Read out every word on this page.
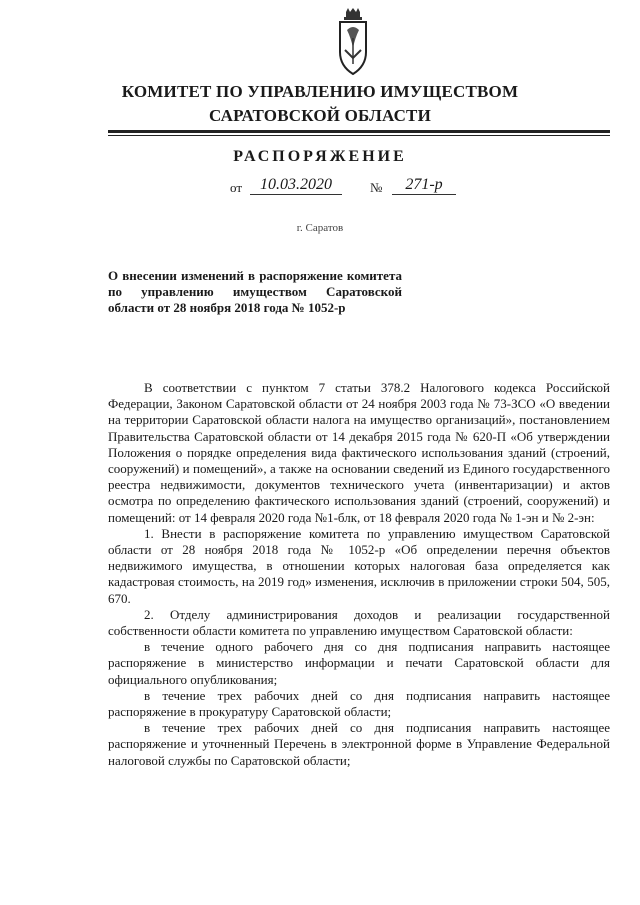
КОМИТЕТ ПО УПРАВЛЕНИЮ ИМУЩЕСТВОМ
САРАТОВСКОЙ ОБЛАСТИ
РАСПОРЯЖЕНИЕ
от	10.03.2020	№	271-р
г. Саратов
О внесении изменений в распоряжение комитета по управлению имуществом Саратовской области от 28 ноября 2018 года № 1052-р

В соответствии с пунктом 7 статьи 378.2 Налогового кодекса Российской Федерации, Законом Саратовской области от 24 ноября 2003 года № 73-ЗСО «О введении на территории Саратовской области налога на имущество организаций», постановлением Правительства Саратовской области от 14 декабря 2015 года № 620-П «Об утверждении Положения о порядке определения вида фактического использования зданий (строений, сооружений) и помещений», а также на основании сведений из Единого государственного реестра недвижимости, документов технического учета (инвентаризации) и актов осмотра по определению фактического использования зданий (строений, сооружений) и помещений: от 14 февраля 2020 года №1-блк, от 18 февраля 2020 года № 1-эн и № 2-эн:

1. Внести в распоряжение комитета по управлению имуществом Саратовской области от 28 ноября 2018 года № 1052-р «Об определении перечня объектов недвижимого имущества, в отношении которых налоговая база определяется как кадастровая стоимость, на 2019 год» изменения, исключив в приложении строки 504, 505, 670.

2. Отделу администрирования доходов и реализации государственной собственности области комитета по управлению имуществом Саратовской области:

в течение одного рабочего дня со дня подписания направить настоящее распоряжение в министерство информации и печати Саратовской области для официального опубликования;

в течение трех рабочих дней со дня подписания направить настоящее распоряжение в прокуратуру Саратовской области;

в течение трех рабочих дней со дня подписания направить настоящее распоряжение и уточненный Перечень в электронной форме в Управление Федеральной налоговой службы по Саратовской области;
